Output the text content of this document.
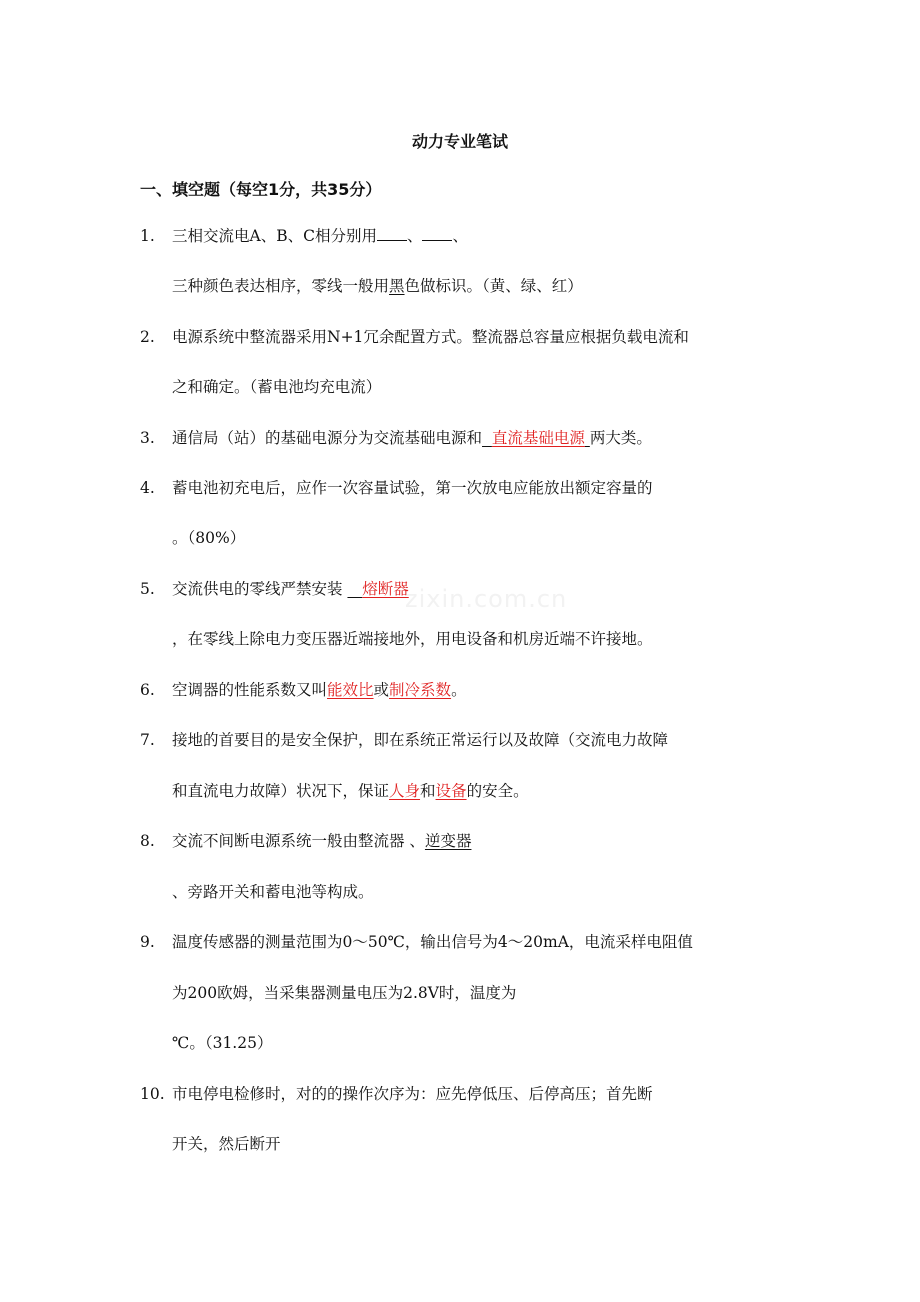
zixin.com.cn
动力专业笔试
一、填空题（每空1分，共35分）
1. 三相交流电A、B、C相分别用 、 、
三种颜色表达相序，零线一般用黑色做标识。（黄、绿、红）
2. 电源系统中整流器采用N+1冗余配置方式。整流器总容量应根据负载电流和
之和确定。（蓄电池均充电流）
3. 通信局（站）的基础电源分为交流基础电源和 直流基础电源 两大类。
4. 蓄电池初充电后，应作一次容量试验，第一次放电应能放出额定容量的
。（80%）
5. 交流供电的零线严禁安装 熔断器
，在零线上除电力变压器近端接地外，用电设备和机房近端不许接地。
6. 空调器的性能系数又叫能效比或制冷系数。
7. 接地的首要目的是安全保护，即在系统正常运行以及故障（交流电力故障
和直流电力故障）状况下，保证人身和设备的安全。
8. 交流不间断电源系统一般由整流器 、逆变器
、旁路开关和蓄电池等构成。
9. 温度传感器的测量范围为0～50℃，输出信号为4～20mA，电流采样电阻值
为200欧姆，当采集器测量电压为2.8V时，温度为
℃。（31.25）
10. 市电停电检修时，对的的操作次序为：应先停低压、后停高压；首先断
开关，然后断开
